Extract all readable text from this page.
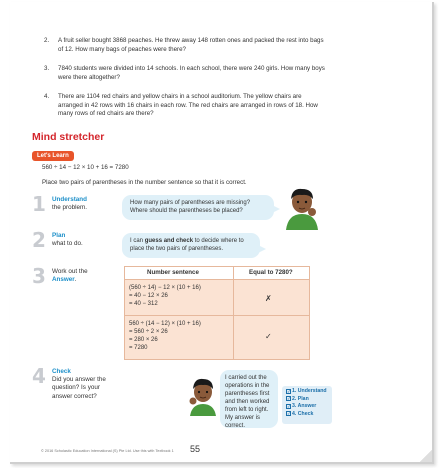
2. A fruit seller bought 3868 peaches. He threw away 148 rotten ones and packed the rest into bags of 12. How many bags of peaches were there?
3. 7840 students were divided into 14 schools. In each school, there were 240 girls. How many boys were there altogether?
4. There are 1104 red chairs and yellow chairs in a school auditorium. The yellow chairs are arranged in 42 rows with 16 chairs in each row. The red chairs are arranged in rows of 18. How many rows of red chairs are there?
Mind stretcher
Let's Learn
560 ÷ 14 − 12 × 10 + 16 = 7280
Place two pairs of parentheses in the number sentence so that it is correct.
1 Understand
the problem.
How many pairs of parentheses are missing? Where should the parentheses be placed?
2 Plan
what to do.	I can guess and check to decide where to place the two pairs of parentheses.
3 Work out the
Answer.
Number sentence	Equal to 7280?
(560 ÷ 14) − 12 × (10 + 16)
= 40 − 12 × 26
= 40 − 312
✗
560 ÷ (14 − 12) × (10 + 16)
= 560 ÷ 2 × 26
= 280 × 26
= 7280
✓
4 Check
Did you answer the question? Is your answer correct?
I carried out the operations in the parentheses first and then worked from left to right. My answer is correct.
✓1. Understand
✓2. Plan
✓3. Answer
✓4. Check
© 2016 Scholastic Education International (S) Pte Ltd. Use this with Textbook 1 55
